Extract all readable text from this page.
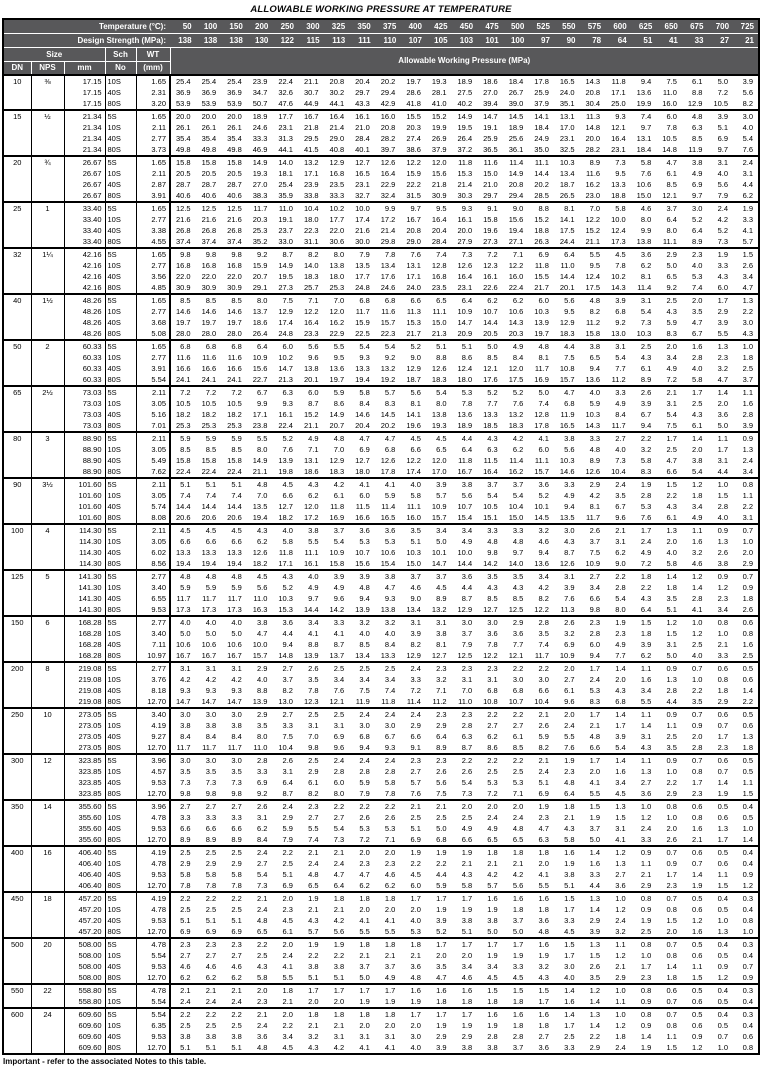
ALLOWABLE WORKING PRESSURE AT TEMPERATURE
Temperature (°C):					50	100	150	200	250	300	325	350	375	400	425	450	475	500	525	550	575	600	625	650	675	700	725
Design Strength (MPa):					138	138	138	130	122	115	113	111	110	107	105	103	101	100	97	90	78	64	51	41	33	27	21
Size			Sch	WT	Allowable Working Pressure (MPa)																						
DN	NPS	mm	No	(mm)																							
10	⅜	17.15	10S	1.65	25.4	25.4	25.4	23.9	22.4	21.1	20.8	20.4	20.2	19.7	19.3	18.9	18.6	18.4	17.8	16.5	14.3	11.8	9.4	7.5	6.1	5.0	3.9
		17.15	40S	2.31	36.9	36.9	36.9	34.7	32.6	30.7	30.2	29.7	29.4	28.6	28.1	27.5	27.0	26.7	25.9	24.0	20.8	17.1	13.6	11.0	8.8	7.2	5.6
		17.15	80S	3.20	53.9	53.9	53.9	50.7	47.6	44.9	44.1	43.3	42.9	41.8	41.0	40.2	39.4	39.0	37.9	35.1	30.4	25.0	19.9	16.0	12.9	10.5	8.2
15	½	21.34	5S	1.65	20.0	20.0	20.0	18.9	17.7	16.7	16.4	16.1	16.0	15.5	15.2	14.9	14.7	14.5	14.1	13.1	11.3	9.3	7.4	6.0	4.8	3.9	3.0
		21.34	10S	2.11	26.1	26.1	26.1	24.6	23.1	21.8	21.4	21.0	20.8	20.3	19.9	19.5	19.1	18.9	18.4	17.0	14.8	12.1	9.7	7.8	6.3	5.1	4.0
		21.34	40S	2.77	35.4	35.4	35.4	33.3	31.3	29.5	29.0	28.4	28.2	27.4	26.9	26.4	25.9	25.6	24.9	23.1	20.0	16.4	13.1	10.5	8.5	6.9	5.4
		21.34	80S	3.73	49.8	49.8	49.8	46.9	44.1	41.5	40.8	40.1	39.7	38.6	37.9	37.2	36.5	36.1	35.0	32.5	28.2	23.1	18.4	14.8	11.9	9.7	7.6
20	¾	26.67	5S	1.65	15.8	15.8	15.8	14.9	14.0	13.2	12.9	12.7	12.6	12.2	12.0	11.8	11.6	11.4	11.1	10.3	8.9	7.3	5.8	4.7	3.8	3.1	2.4
		26.67	10S	2.11	20.5	20.5	20.5	19.3	18.1	17.1	16.8	16.5	16.4	15.9	15.6	15.3	15.0	14.9	14.4	13.4	11.6	9.5	7.6	6.1	4.9	4.0	3.1
		26.67	40S	2.87	28.7	28.7	28.7	27.0	25.4	23.9	23.5	23.1	22.9	22.2	21.8	21.4	21.0	20.8	20.2	18.7	16.2	13.3	10.6	8.5	6.9	5.6	4.4
		26.67	80S	3.91	40.6	40.6	40.6	38.3	35.9	33.8	33.3	32.7	32.4	31.5	30.9	30.3	29.7	29.4	28.5	26.5	23.0	18.8	15.0	12.1	9.7	7.9	6.2
25	1	33.40	5S	1.65	12.5	12.5	12.5	11.7	11.0	10.4	10.2	10.0	9.9	9.7	9.5	9.3	9.1	9.0	8.8	8.1	7.0	5.8	4.6	3.7	3.0	2.4	1.9
		33.40	10S	2.77	21.6	21.6	21.6	20.3	19.1	18.0	17.7	17.4	17.2	16.7	16.4	16.1	15.8	15.6	15.2	14.1	12.2	10.0	8.0	6.4	5.2	4.2	3.3
		33.40	40S	3.38	26.8	26.8	26.8	25.3	23.7	22.3	22.0	21.6	21.4	20.8	20.4	20.0	19.6	19.4	18.8	17.5	15.2	12.4	9.9	8.0	6.4	5.2	4.1
		33.40	80S	4.55	37.4	37.4	37.4	35.2	33.0	31.1	30.6	30.0	29.8	29.0	28.4	27.9	27.3	27.1	26.3	24.4	21.1	17.3	13.8	11.1	8.9	7.3	5.7
32	1¼	42.16	5S	1.65	9.8	9.8	9.8	9.2	8.7	8.2	8.0	7.9	7.8	7.6	7.4	7.3	7.2	7.1	6.9	6.4	5.5	4.5	3.6	2.9	2.3	1.9	1.5
		42.16	10S	2.77	16.8	16.8	16.8	15.9	14.9	14.0	13.8	13.5	13.4	13.1	12.8	12.6	12.3	12.2	11.8	11.0	9.5	7.8	6.2	5.0	4.0	3.3	2.6
		42.16	40S	3.56	22.0	22.0	22.0	20.7	19.5	18.3	18.0	17.7	17.6	17.1	16.8	16.4	16.1	16.0	15.5	14.4	12.4	10.2	8.1	6.5	5.3	4.3	3.4
		42.16	80S	4.85	30.9	30.9	30.9	29.1	27.3	25.7	25.3	24.8	24.6	24.0	23.5	23.1	22.6	22.4	21.7	20.1	17.5	14.3	11.4	9.2	7.4	6.0	4.7
40	1½	48.26	5S	1.65	8.5	8.5	8.5	8.0	7.5	7.1	7.0	6.8	6.8	6.6	6.5	6.4	6.2	6.2	6.0	5.6	4.8	3.9	3.1	2.5	2.0	1.7	1.3
		48.26	10S	2.77	14.6	14.6	14.6	13.7	12.9	12.2	12.0	11.7	11.6	11.3	11.1	10.9	10.7	10.6	10.3	9.5	8.2	6.8	5.4	4.3	3.5	2.9	2.2
		48.26	40S	3.68	19.7	19.7	19.7	18.6	17.4	16.4	16.2	15.9	15.7	15.3	15.0	14.7	14.4	14.3	13.9	12.9	11.2	9.2	7.3	5.9	4.7	3.9	3.0
		48.26	80S	5.08	28.0	28.0	28.0	26.4	24.8	23.3	22.9	22.5	22.3	21.7	21.3	20.9	20.5	20.3	19.7	18.3	15.8	13.0	10.3	8.3	6.7	5.5	4.3
50	2	60.33	5S	1.65	6.8	6.8	6.8	6.4	6.0	5.6	5.5	5.4	5.4	5.2	5.1	5.1	5.0	4.9	4.8	4.4	3.8	3.1	2.5	2.0	1.6	1.3	1.0
		60.33	10S	2.77	11.6	11.6	11.6	10.9	10.2	9.6	9.5	9.3	9.2	9.0	8.8	8.6	8.5	8.4	8.1	7.5	6.5	5.4	4.3	3.4	2.8	2.3	1.8
		60.33	40S	3.91	16.6	16.6	16.6	15.6	14.7	13.8	13.6	13.3	13.2	12.9	12.6	12.4	12.1	12.0	11.7	10.8	9.4	7.7	6.1	4.9	4.0	3.2	2.5
		60.33	80S	5.54	24.1	24.1	24.1	22.7	21.3	20.1	19.7	19.4	19.2	18.7	18.3	18.0	17.6	17.5	16.9	15.7	13.6	11.2	8.9	7.2	5.8	4.7	3.7
65	2½	73.03	5S	2.11	7.2	7.2	7.2	6.7	6.3	6.0	5.9	5.8	5.7	5.6	5.4	5.3	5.2	5.2	5.0	4.7	4.0	3.3	2.6	2.1	1.7	1.4	1.1
		73.03	10S	3.05	10.5	10.5	10.5	9.9	9.3	8.7	8.6	8.4	8.3	8.1	8.0	7.8	7.7	7.6	7.4	6.8	5.9	4.9	3.9	3.1	2.5	2.0	1.6
		73.03	40S	5.16	18.2	18.2	18.2	17.1	16.1	15.2	14.9	14.6	14.5	14.1	13.8	13.6	13.3	13.2	12.8	11.9	10.3	8.4	6.7	5.4	4.3	3.6	2.8
		73.03	80S	7.01	25.3	25.3	25.3	23.8	22.4	21.1	20.7	20.4	20.2	19.6	19.3	18.9	18.5	18.3	17.8	16.5	14.3	11.7	9.4	7.5	6.1	5.0	3.9
80	3	88.90	5S	2.11	5.9	5.9	5.9	5.5	5.2	4.9	4.8	4.7	4.7	4.5	4.5	4.4	4.3	4.2	4.1	3.8	3.3	2.7	2.2	1.7	1.4	1.1	0.9
		88.90	10S	3.05	8.5	8.5	8.5	8.0	7.6	7.1	7.0	6.9	6.8	6.6	6.5	6.4	6.3	6.2	6.0	5.6	4.8	4.0	3.2	2.5	2.0	1.7	1.3
		88.90	40S	5.49	15.8	15.8	15.8	14.9	13.9	13.1	12.9	12.7	12.6	12.2	12.0	11.8	11.5	11.4	11.1	10.3	8.9	7.3	5.8	4.7	3.8	3.1	2.4
		88.90	80S	7.62	22.4	22.4	22.4	21.1	19.8	18.6	18.3	18.0	17.8	17.4	17.0	16.7	16.4	16.2	15.7	14.6	12.6	10.4	8.3	6.6	5.4	4.4	3.4
90	3½	101.60	5S	2.11	5.1	5.1	5.1	4.8	4.5	4.3	4.2	4.1	4.1	4.0	3.9	3.8	3.7	3.7	3.6	3.3	2.9	2.4	1.9	1.5	1.2	1.0	0.8
		101.60	10S	3.05	7.4	7.4	7.4	7.0	6.6	6.2	6.1	6.0	5.9	5.8	5.7	5.6	5.4	5.4	5.2	4.9	4.2	3.5	2.8	2.2	1.8	1.5	1.1
		101.60	40S	5.74	14.4	14.4	14.4	13.5	12.7	12.0	11.8	11.5	11.4	11.1	10.9	10.7	10.5	10.4	10.1	9.4	8.1	6.7	5.3	4.3	3.4	2.8	2.2
		101.60	80S	8.08	20.6	20.6	20.6	19.4	18.2	17.2	16.9	16.6	16.5	16.0	15.7	15.4	15.1	15.0	14.5	13.5	11.7	9.6	7.6	6.1	4.9	4.0	3.1
100	4	114.30	5S	2.11	4.5	4.5	4.5	4.3	4.0	3.8	3.7	3.6	3.6	3.5	3.4	3.4	3.3	3.3	3.2	3.0	2.6	2.1	1.7	1.3	1.1	0.9	0.7
		114.30	10S	3.05	6.6	6.6	6.6	6.2	5.8	5.5	5.4	5.3	5.3	5.1	5.0	4.9	4.8	4.8	4.6	4.3	3.7	3.1	2.4	2.0	1.6	1.3	1.0
		114.30	40S	6.02	13.3	13.3	13.3	12.6	11.8	11.1	10.9	10.7	10.6	10.3	10.1	10.0	9.8	9.7	9.4	8.7	7.5	6.2	4.9	4.0	3.2	2.6	2.0
		114.30	80S	8.56	19.4	19.4	19.4	18.2	17.1	16.1	15.8	15.6	15.4	15.0	14.7	14.4	14.2	14.0	13.6	12.6	10.9	9.0	7.2	5.8	4.6	3.8	2.9
125	5	141.30	5S	2.77	4.8	4.8	4.8	4.5	4.3	4.0	3.9	3.9	3.8	3.7	3.7	3.6	3.5	3.5	3.4	3.1	2.7	2.2	1.8	1.4	1.2	0.9	0.7
		141.30	10S	3.40	5.9	5.9	5.9	5.6	5.2	4.9	4.9	4.8	4.7	4.6	4.5	4.4	4.3	4.3	4.2	3.9	3.4	2.8	2.2	1.8	1.4	1.2	0.9
		141.30	40S	6.55	11.7	11.7	11.7	11.0	10.3	9.7	9.6	9.4	9.3	9.0	8.9	8.7	8.5	8.5	8.2	7.6	6.6	5.4	4.3	3.5	2.8	2.3	1.8
		141.30	80S	9.53	17.3	17.3	17.3	16.3	15.3	14.4	14.2	13.9	13.8	13.4	13.2	12.9	12.7	12.5	12.2	11.3	9.8	8.0	6.4	5.1	4.1	3.4	2.6
150	6	168.28	5S	2.77	4.0	4.0	4.0	3.8	3.6	3.4	3.3	3.2	3.2	3.1	3.1	3.0	3.0	2.9	2.8	2.6	2.3	1.9	1.5	1.2	1.0	0.8	0.6
		168.28	10S	3.40	5.0	5.0	5.0	4.7	4.4	4.1	4.1	4.0	4.0	3.9	3.8	3.7	3.6	3.6	3.5	3.2	2.8	2.3	1.8	1.5	1.2	1.0	0.8
		168.28	40S	7.11	10.6	10.6	10.6	10.0	9.4	8.8	8.7	8.5	8.4	8.2	8.1	7.9	7.8	7.7	7.4	6.9	6.0	4.9	3.9	3.1	2.5	2.1	1.6
		168.28	80S	10.97	16.7	16.7	16.7	15.7	14.8	13.9	13.7	13.4	13.3	12.9	12.7	12.5	12.2	12.1	11.7	10.9	9.4	7.7	6.2	5.0	4.0	3.3	2.5
200	8	219.08	5S	2.77	3.1	3.1	3.1	2.9	2.7	2.6	2.5	2.5	2.5	2.4	2.3	2.3	2.3	2.2	2.2	2.0	1.7	1.4	1.1	0.9	0.7	0.6	0.5
		219.08	10S	3.76	4.2	4.2	4.2	4.0	3.7	3.5	3.4	3.4	3.4	3.3	3.2	3.1	3.1	3.0	3.0	2.7	2.4	2.0	1.6	1.3	1.0	0.8	0.6
		219.08	40S	8.18	9.3	9.3	9.3	8.8	8.2	7.8	7.6	7.5	7.4	7.2	7.1	7.0	6.8	6.8	6.6	6.1	5.3	4.3	3.4	2.8	2.2	1.8	1.4
		219.08	80S	12.70	14.7	14.7	14.7	13.9	13.0	12.3	12.1	11.9	11.8	11.4	11.2	11.0	10.8	10.7	10.4	9.6	8.3	6.8	5.5	4.4	3.5	2.9	2.2
250	10	273.05	5S	3.40	3.0	3.0	3.0	2.9	2.7	2.5	2.5	2.4	2.4	2.4	2.3	2.3	2.2	2.2	2.1	2.0	1.7	1.4	1.1	0.9	0.7	0.6	0.5
		273.05	10S	4.19	3.8	3.8	3.8	3.5	3.3	3.1	3.1	3.0	3.0	2.9	2.9	2.8	2.7	2.7	2.6	2.4	2.1	1.7	1.4	1.1	0.9	0.7	0.6
		273.05	40S	9.27	8.4	8.4	8.4	8.0	7.5	7.0	6.9	6.8	6.7	6.6	6.4	6.3	6.2	6.1	5.9	5.5	4.8	3.9	3.1	2.5	2.0	1.7	1.3
		273.05	80S	12.70	11.7	11.7	11.7	11.0	10.4	9.8	9.6	9.4	9.3	9.1	8.9	8.7	8.6	8.5	8.2	7.6	6.6	5.4	4.3	3.5	2.8	2.3	1.8
300	12	323.85	5S	3.96	3.0	3.0	3.0	2.8	2.6	2.5	2.4	2.4	2.4	2.3	2.3	2.2	2.2	2.2	2.1	1.9	1.7	1.4	1.1	0.9	0.7	0.6	0.5
		323.85	10S	4.57	3.5	3.5	3.5	3.3	3.1	2.9	2.8	2.8	2.8	2.7	2.6	2.6	2.5	2.5	2.4	2.3	2.0	1.6	1.3	1.0	0.8	0.7	0.5
		323.85	40S	9.53	7.3	7.3	7.3	6.9	6.4	6.1	6.0	5.9	5.8	5.7	5.6	5.4	5.3	5.3	5.1	4.8	4.1	3.4	2.7	2.2	1.7	1.4	1.1
		323.85	80S	12.70	9.8	9.8	9.8	9.2	8.7	8.2	8.0	7.9	7.8	7.6	7.5	7.3	7.2	7.1	6.9	6.4	5.5	4.5	3.6	2.9	2.3	1.9	1.5
350	14	355.60	5S	3.96	2.7	2.7	2.7	2.6	2.4	2.3	2.2	2.2	2.2	2.1	2.1	2.0	2.0	2.0	1.9	1.8	1.5	1.3	1.0	0.8	0.6	0.5	0.4
		355.60	10S	4.78	3.3	3.3	3.3	3.1	2.9	2.7	2.7	2.6	2.6	2.5	2.5	2.5	2.4	2.4	2.3	2.1	1.9	1.5	1.2	1.0	0.8	0.6	0.5
		355.60	40S	9.53	6.6	6.6	6.6	6.2	5.9	5.5	5.4	5.3	5.3	5.1	5.0	4.9	4.9	4.8	4.7	4.3	3.7	3.1	2.4	2.0	1.6	1.3	1.0
		355.60	80S	12.70	8.9	8.9	8.9	8.4	7.9	7.4	7.3	7.2	7.1	6.9	6.8	6.6	6.5	6.5	6.3	5.8	5.0	4.1	3.3	2.6	2.1	1.7	1.4
400	16	406.40	5S	4.19	2.5	2.5	2.5	2.4	2.2	2.1	2.1	2.0	2.0	1.9	1.9	1.9	1.8	1.8	1.8	1.6	1.4	1.2	0.9	0.7	0.6	0.5	0.4
		406.40	10S	4.78	2.9	2.9	2.9	2.7	2.5	2.4	2.4	2.3	2.3	2.2	2.2	2.1	2.1	2.1	2.0	1.9	1.6	1.3	1.1	0.9	0.7	0.6	0.4
		406.40	40S	9.53	5.8	5.8	5.8	5.4	5.1	4.8	4.7	4.7	4.6	4.5	4.4	4.3	4.2	4.2	4.1	3.8	3.3	2.7	2.1	1.7	1.4	1.1	0.9
		406.40	80S	12.70	7.8	7.8	7.8	7.3	6.9	6.5	6.4	6.2	6.2	6.0	5.9	5.8	5.7	5.6	5.5	5.1	4.4	3.6	2.9	2.3	1.9	1.5	1.2
450	18	457.20	5S	4.19	2.2	2.2	2.2	2.1	2.0	1.9	1.8	1.8	1.8	1.7	1.7	1.7	1.6	1.6	1.6	1.5	1.3	1.0	0.8	0.7	0.5	0.4	0.3
		457.20	10S	4.78	2.5	2.5	2.5	2.4	2.3	2.1	2.1	2.0	2.0	2.0	1.9	1.9	1.9	1.8	1.8	1.7	1.4	1.2	0.9	0.8	0.6	0.5	0.4
		457.20	40S	9.53	5.1	5.1	5.1	4.8	4.5	4.3	4.2	4.1	4.1	4.0	3.9	3.8	3.8	3.7	3.6	3.3	2.9	2.4	1.9	1.5	1.2	1.0	0.8
		457.20	80S	12.70	6.9	6.9	6.9	6.5	6.1	5.7	5.6	5.5	5.5	5.3	5.2	5.1	5.0	5.0	4.8	4.5	3.9	3.2	2.5	2.0	1.6	1.3	1.0
500	20	508.00	5S	4.78	2.3	2.3	2.3	2.2	2.0	1.9	1.9	1.8	1.8	1.8	1.7	1.7	1.7	1.7	1.6	1.5	1.3	1.1	0.8	0.7	0.5	0.4	0.3
		508.00	10S	5.54	2.7	2.7	2.7	2.5	2.4	2.2	2.2	2.1	2.1	2.1	2.0	2.0	1.9	1.9	1.9	1.7	1.5	1.2	1.0	0.8	0.6	0.5	0.4
		508.00	40S	9.53	4.6	4.6	4.6	4.3	4.1	3.8	3.8	3.7	3.7	3.6	3.5	3.4	3.4	3.3	3.2	3.0	2.6	2.1	1.7	1.4	1.1	0.9	0.7
		508.00	80S	12.70	6.2	6.2	6.2	5.8	5.5	5.1	5.1	5.0	4.9	4.8	4.7	4.6	4.5	4.5	4.3	4.0	3.5	2.9	2.3	1.8	1.5	1.2	0.9
550	22	558.80	5S	4.78	2.1	2.1	2.1	2.0	1.8	1.7	1.7	1.7	1.7	1.6	1.6	1.6	1.5	1.5	1.5	1.4	1.2	1.0	0.8	0.6	0.5	0.4	0.3
		558.80	10S	5.54	2.4	2.4	2.4	2.3	2.1	2.0	2.0	1.9	1.9	1.9	1.8	1.8	1.8	1.8	1.7	1.6	1.4	1.1	0.9	0.7	0.6	0.5	0.4
600	24	609.60	5S	5.54	2.2	2.2	2.2	2.1	2.0	1.8	1.8	1.8	1.8	1.7	1.7	1.7	1.6	1.6	1.6	1.4	1.3	1.0	0.8	0.7	0.5	0.4	0.3
		609.60	10S	6.35	2.5	2.5	2.5	2.4	2.2	2.1	2.1	2.0	2.0	2.0	1.9	1.9	1.9	1.8	1.8	1.7	1.4	1.2	0.9	0.8	0.6	0.5	0.4
		609.60	40S	9.53	3.8	3.8	3.8	3.6	3.4	3.2	3.1	3.1	3.1	3.0	2.9	2.9	2.8	2.8	2.7	2.5	2.2	1.8	1.4	1.1	0.9	0.7	0.6
		609.60	80S	12.70	5.1	5.1	5.1	4.8	4.5	4.3	4.2	4.1	4.1	4.0	3.9	3.8	3.8	3.7	3.6	3.3	2.9	2.4	1.9	1.5	1.2	1.0	0.8
Important - refer to the associated Notes to this table.
